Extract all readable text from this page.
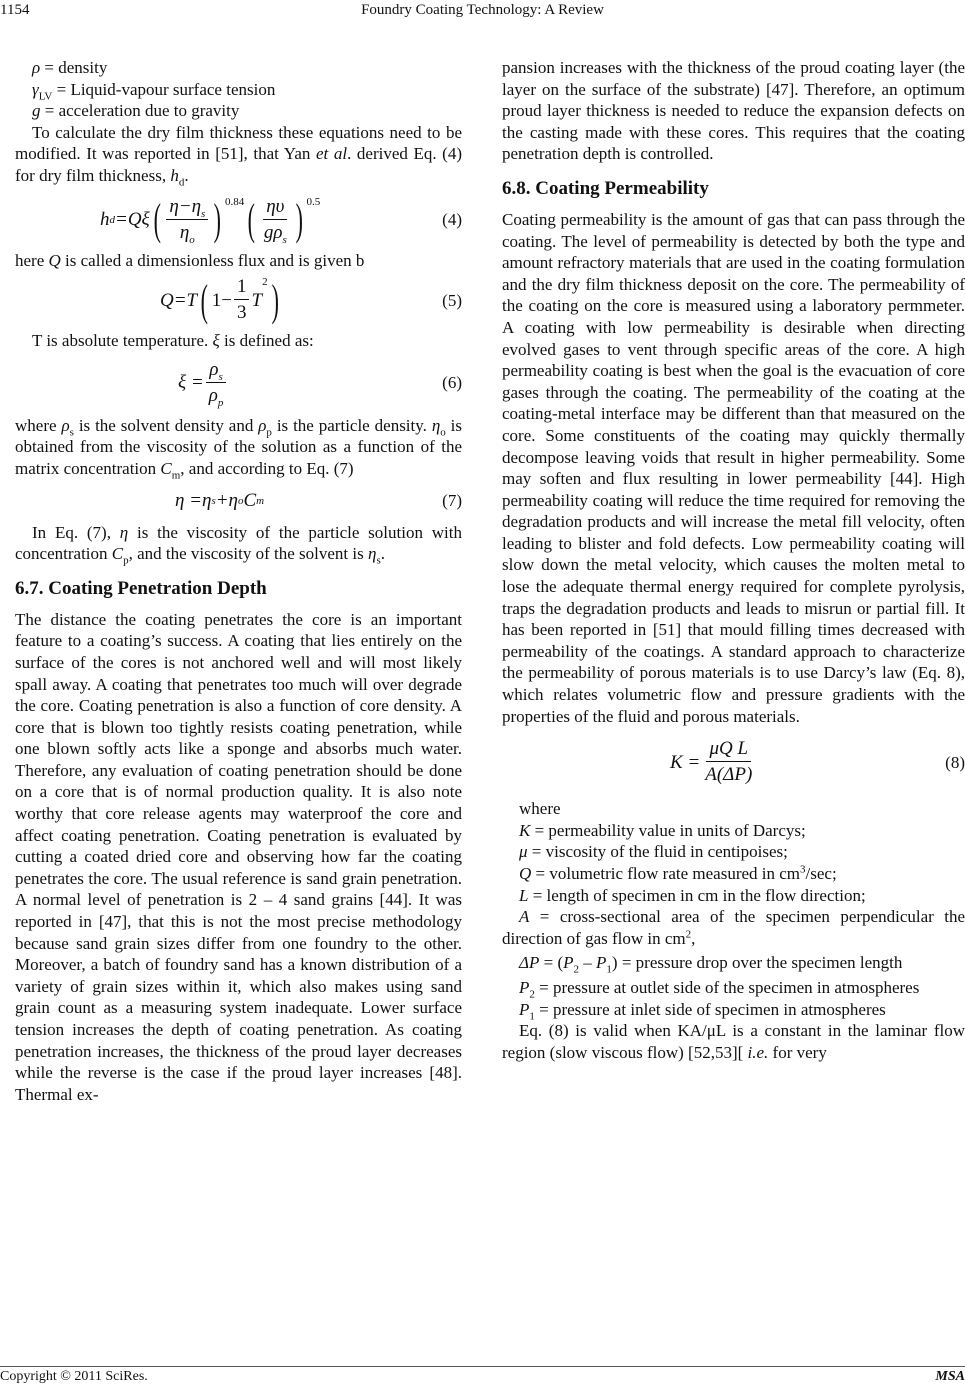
1154	Foundry Coating Technology: A Review

ρ = density

$\gamma_{LV}$ = Liquid-vapour surface tension

g = acceleration due to gravity

To calculate the dry film thickness these equations need to be modified. It was reported in [51], that Yan et al. derived Eq. (4) for dry film thickness, $h_d$.

h d =Qξ ( $\frac{\eta-\eta_s}{\eta_o}$ ) 0.84 ( $\frac{\eta\upsilon}{g\rho_s}$ ) 0.5
(4)

here Q is called a dimensionless flux and is given b

Q=T ( $1- \frac{1}{3}$ T
2 )	(5)

T is absolute temperature. ξ is defined as:

$\xi = \frac{\rho_s}{\rho_p}$	(6)

where $\rho_s$ is the solvent density and $\rho_p$ is the particle density. $\eta_o$ is obtained from the viscosity of the solution as a function of the matrix concentration $C_m$, and according to Eq. (7)

η =η s +η o C m	(7)

In Eq. (7), η is the viscosity of the particle solution with concentration $C_p$, and the viscosity of the solvent is $\eta_s$.

6.7. Coating Penetration Depth

The distance the coating penetrates the core is an important feature to a coating’s success. A coating that lies entirely on the surface of the cores is not anchored well and will most likely spall away. A coating that penetrates too much will over degrade the core. Coating penetration is also a function of core density. A core that is blown too tightly resists coating penetration, while one blown softly acts like a sponge and absorbs much water. Therefore, any evaluation of coating penetration should be done on a core that is of normal production quality. It is also note worthy that core release agents may waterproof the core and affect coating penetration. Coating penetration is evaluated by cutting a coated dried core and observing how far the coating penetrates the core. The usual reference is sand grain penetration. A normal level of penetration is 2 – 4 sand grains [44]. It was reported in [47], that this is not the most precise methodology because sand grain sizes differ from one foundry to the other. Moreover, a batch of foundry sand has a known distribution of a variety of grain sizes within it, which also makes using sand grain count as a measuring system inadequate. Lower surface tension increases the depth of coating penetration. As coating penetration increases, the thickness of the proud layer decreases while the reverse is the case if the proud layer increases [48]. Thermal ex-

pansion increases with the thickness of the proud coating layer (the layer on the surface of the substrate) [47]. Therefore, an optimum proud layer thickness is needed to reduce the expansion defects on the casting made with these cores. This requires that the coating penetration depth is controlled.

6.8. Coating Permeability

Coating permeability is the amount of gas that can pass through the coating. The level of permeability is detected by both the type and amount refractory materials that are used in the coating formulation and the dry film thickness deposit on the core. The permeability of the coating on the core is measured using a laboratory permmeter. A coating with low permeability is desirable when directing evolved gases to vent through specific areas of the core. A high permeability coating is best when the goal is the evacuation of core gases through the coating. The permeability of the coating at the coating-metal interface may be different than that measured on the core. Some constituents of the coating may quickly thermally decompose leaving voids that result in higher permeability. Some may soften and flux resulting in lower permeability [44]. High permeability coating will reduce the time required for removing the degradation products and will increase the metal fill velocity, often leading to blister and fold defects. Low permeability coating will slow down the metal velocity, which causes the molten metal to lose the adequate thermal energy required for complete pyrolysis, traps the degradation products and leads to misrun or partial fill. It has been reported in [51] that mould filling times decreased with permeability of the coatings. A standard approach to characterize the permeability of porous materials is to use Darcy’s law (Eq. 8), which relates volumetric flow and pressure gradients with the properties of the fluid and porous materials.

$K = \frac{\text{μQ L}}{A(\Delta P)}$	(8)

where

K = permeability value in units of Darcys;

μ = viscosity of the fluid in centipoises;

Q = volumetric flow rate measured in $cm^3/\sec$;

L = length of specimen in cm in the flow direction;

A = cross-sectional area of the specimen perpendicular the direction of gas flow in $cm^2$,

$\Delta P = (P_2 - P_1)$ = pressure drop over the specimen length

$P_2$ = pressure at outlet side of the specimen in atmospheres

$P_1$ = pressure at inlet side of specimen in atmospheres

Eq. (8) is valid when KA/μL is a constant in the laminar flow region (slow viscous flow) [52,53][ i.e. for very

Copyright © 2011 SciRes.	MSA
